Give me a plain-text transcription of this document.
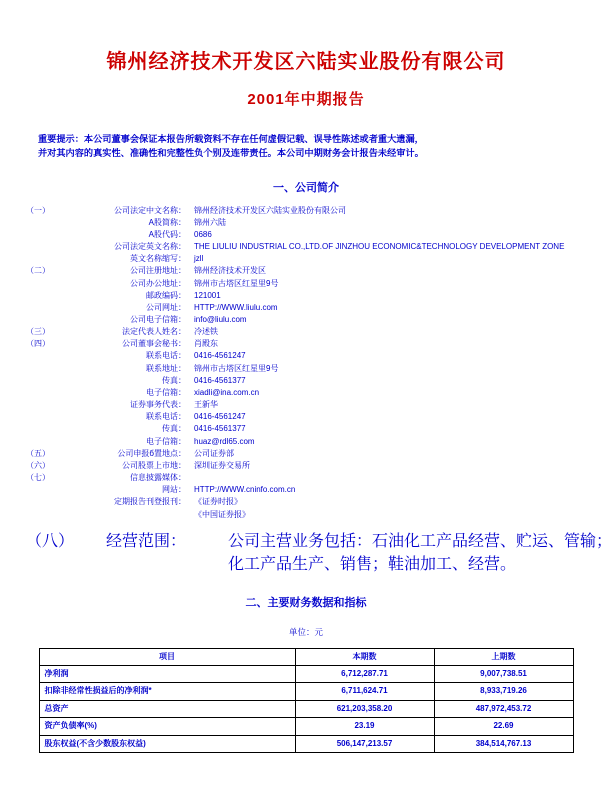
锦州经济技术开发区六陆实业股份有限公司
2001年中期报告
重要提示：本公司董事会保证本报告所载资料不存在任何虚假记载、误导性陈述或者重大遗漏，
并对其内容的真实性、准确性和完整性负个别及连带责任。本公司中期财务会计报告未经审计。
一、公司简介
（一）	公司法定中文名称：	锦州经济技术开发区六陆实业股份有限公司
A股简称：	锦州六陆
A股代码：	0686
公司法定英文名称：	THE LIULIU INDUSTRIAL CO.,LTD.OF JINZHOU ECONOMIC&TECHNOLOGY DEVELOPMENT ZONE
英文名称缩写：	jzll
（二）	公司注册地址：	锦州经济技术开发区
公司办公地址：	锦州市古塔区红星里9号
邮政编码：	121001
公司网址：	HTTP://WWW.liulu.com
公司电子信箱：	info@liulu.com
（三）	法定代表人姓名：	冷述铁
（四）	公司董事会秘书：	肖殿东
联系电话：	0416-4561247
联系地址：	锦州市古塔区红星里9号
传真：	0416-4561377
电子信箱：	xiadli@ina.com.cn
证券事务代表：	王新华
联系电话：	0416-4561247
传真：	0416-4561377
电子信箱：	huaz@rdl65.com
（五）	公司申报б置地点：	公司证券部
（六）	公司股票上市地：	深圳证券交易所
（七）	信息披露媒体：
网站：	HTTP://WWW.cninfo.com.cn
定期报告刊登报刊：	《证券时报》
《中国证券报》
（八）	经营范围：	公司主营业务包括：石油化工产品经营、贮运、管输；化工产品生产、销售；鞋油加工、经营。
二、主要财务数据和指标
单位：元
项目	本期数	上期数
净利润	6,712,287.71	9,007,738.51
扣除非经常性损益后的净利润*	6,711,624.71	8,933,719.26
总资产	621,203,358.20	487,972,453.72
资产负债率(%)	23.19	22.69
股东权益(不含少数股东权益)	506,147,213.57	384,514,767.13
